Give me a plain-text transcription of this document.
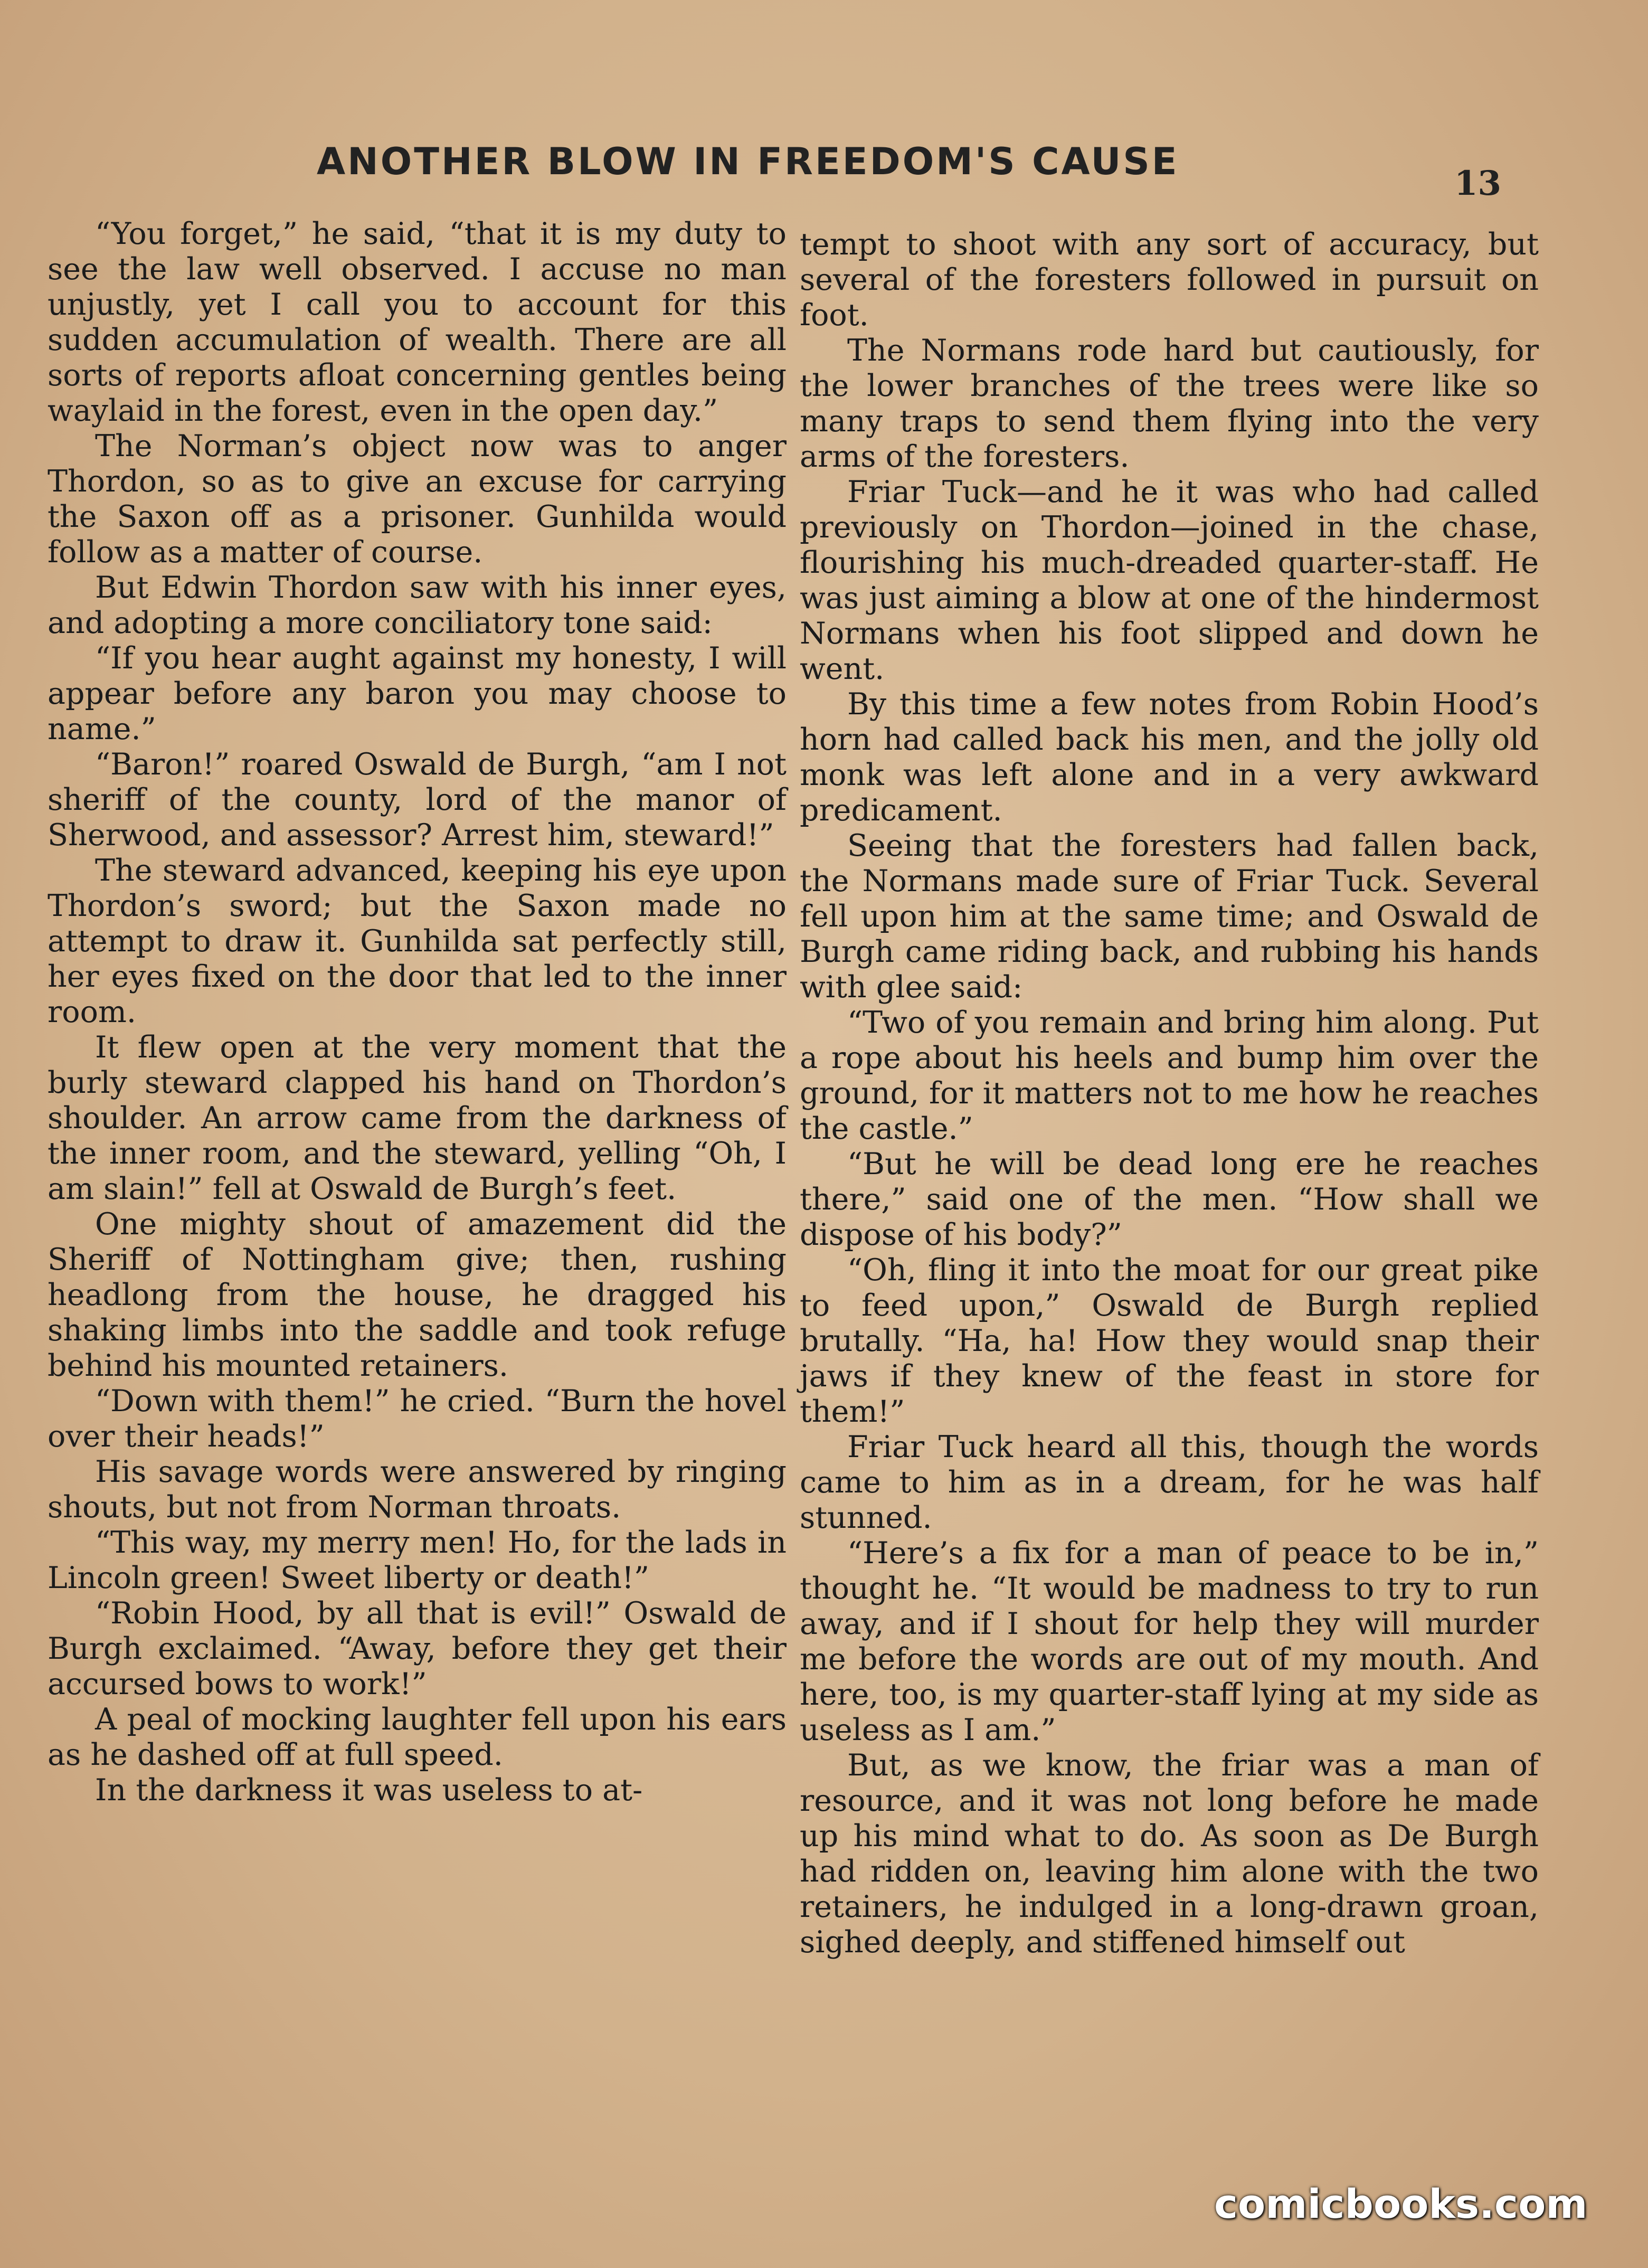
ANOTHER BLOW IN FREEDOM'S CAUSE
13

“You forget,” he said, “that it is my duty to see the law well observed. I accuse no man unjustly, yet I call you to account for this sudden accumulation of wealth. There are all sorts of reports afloat concerning gentles being waylaid in the forest, even in the open day.”

The Norman’s object now was to anger Thordon, so as to give an excuse for carrying the Saxon off as a prisoner. Gunhilda would follow as a matter of course.

But Edwin Thordon saw with his inner eyes, and adopting a more conciliatory tone said:

“If you hear aught against my honesty, I will appear before any baron you may choose to name.”

“Baron!” roared Oswald de Burgh, “am I not sheriff of the county, lord of the manor of Sherwood, and assessor? Arrest him, steward!”

The steward advanced, keeping his eye upon Thordon’s sword; but the Saxon made no attempt to draw it. Gunhilda sat perfectly still, her eyes fixed on the door that led to the inner room.

It flew open at the very moment that the burly steward clapped his hand on Thordon’s shoulder. An arrow came from the darkness of the inner room, and the steward, yelling “Oh, I am slain!” fell at Oswald de Burgh’s feet.

One mighty shout of amazement did the Sheriff of Nottingham give; then, rushing headlong from the house, he dragged his shaking limbs into the saddle and took refuge behind his mounted retainers.

“Down with them!” he cried. “Burn the hovel over their heads!”

His savage words were answered by ringing shouts, but not from Norman throats.

“This way, my merry men! Ho, for the lads in Lincoln green! Sweet liberty or death!”

“Robin Hood, by all that is evil!” Oswald de Burgh exclaimed. “Away, before they get their accursed bows to work!”

A peal of mocking laughter fell upon his ears as he dashed off at full speed.

In the darkness it was useless to at-

tempt to shoot with any sort of accuracy, but several of the foresters followed in pursuit on foot.

The Normans rode hard but cautiously, for the lower branches of the trees were like so many traps to send them flying into the very arms of the foresters.

Friar Tuck—and he it was who had called previously on Thordon—joined in the chase, flourishing his much-dreaded quarter-staff. He was just aiming a blow at one of the hindermost Normans when his foot slipped and down he went.

By this time a few notes from Robin Hood’s horn had called back his men, and the jolly old monk was left alone and in a very awkward predicament.

Seeing that the foresters had fallen back, the Normans made sure of Friar Tuck. Several fell upon him at the same time; and Oswald de Burgh came riding back, and rubbing his hands with glee said:

“Two of you remain and bring him along. Put a rope about his heels and bump him over the ground, for it matters not to me how he reaches the castle.”

“But he will be dead long ere he reaches there,” said one of the men. “How shall we dispose of his body?”

“Oh, fling it into the moat for our great pike to feed upon,” Oswald de Burgh replied brutally. “Ha, ha! How they would snap their jaws if they knew of the feast in store for them!”

Friar Tuck heard all this, though the words came to him as in a dream, for he was half stunned.

“Here’s a fix for a man of peace to be in,” thought he. “It would be madness to try to run away, and if I shout for help they will murder me before the words are out of my mouth. And here, too, is my quarter-staff lying at my side as useless as I am.”

But, as we know, the friar was a man of resource, and it was not long before he made up his mind what to do. As soon as De Burgh had ridden on, leaving him alone with the two retainers, he indulged in a long-drawn groan, sighed deeply, and stiffened himself out

comicbooks.com
